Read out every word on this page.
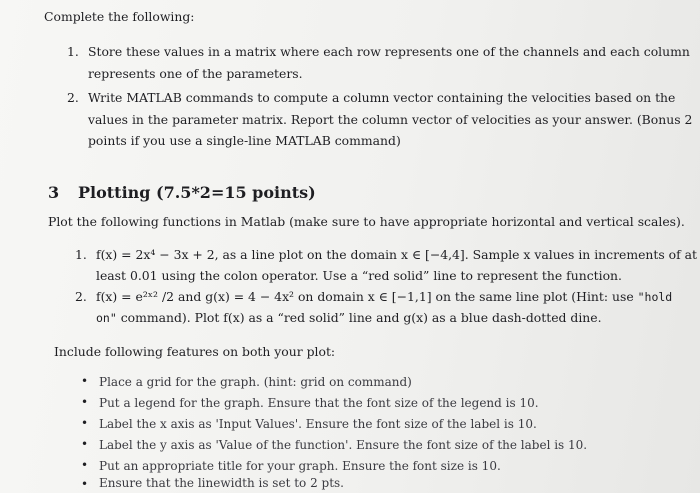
Complete the following:
1. Store these values in a matrix where each row represents one of the channels and each column
represents one of the parameters.
2. Write MATLAB commands to compute a column vector containing the velocities based on the
values in the parameter matrix. Report the column vector of velocities as your answer. (Bonus 2
points if you use a single-line MATLAB command)
3 Plotting (7.5*2=15 points)
Plot the following functions in Matlab (make sure to have appropriate horizontal and vertical scales).
1. f(x) = 2x⁴ − 3x + 2, as a line plot on the domain x ∈ [−4,4]. Sample x values in increments of at
least 0.01 using the colon operator. Use a “red solid” line to represent the function.
2. f(x) = e²ˣ² /2 and g(x) = 4 − 4x² on domain x ∈ [−1,1] on the same line plot (Hint: use "hold
on" command). Plot f(x) as a “red solid” line and g(x) as a blue dash-dotted dine.
Include following features on both your plot:
• Place a grid for the graph. (hint: grid on command)
• Put a legend for the graph. Ensure that the font size of the legend is 10.
• Label the x axis as 'Input Values'. Ensure the font size of the label is 10.
• Label the y axis as 'Value of the function'. Ensure the font size of the label is 10.
• Put an appropriate title for your graph. Ensure the font size is 10.
• Ensure that the linewidth is set to 2 pts.
